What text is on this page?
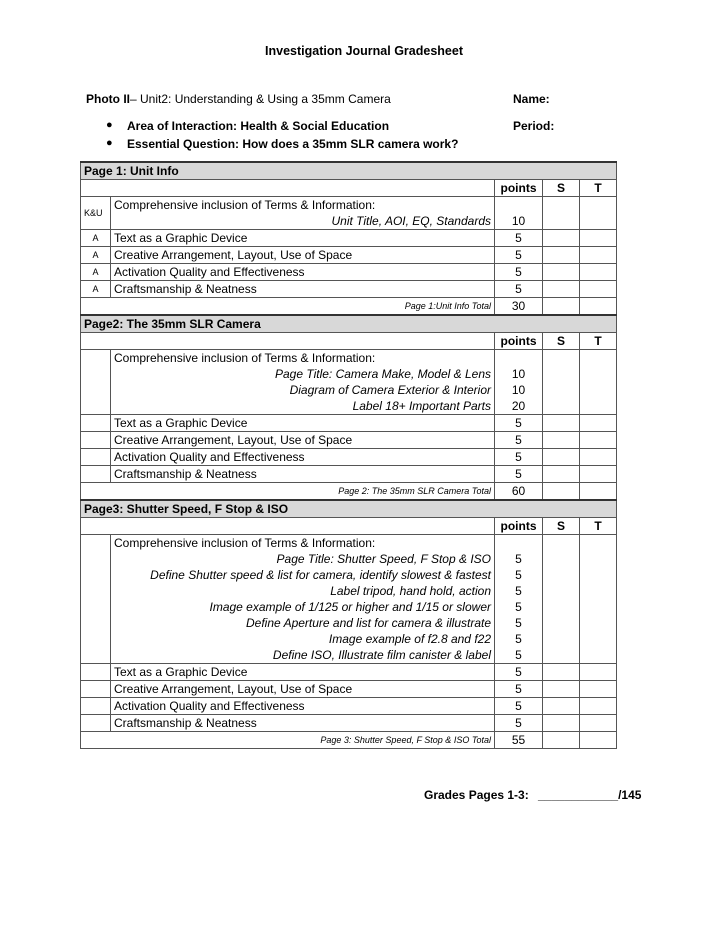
Investigation Journal Gradesheet
Photo II– Unit2: Understanding & Using a 35mm Camera	Name:
Period:
● Area of Interaction: Health & Social Education
● Essential Question: How does a 35mm SLR camera work?
Page 1: Unit Info				
		points	S	T
K&U	Comprehensive inclusion of Terms & Information:			
	Unit Title, AOI, EQ, Standards	10		
A	Text as a Graphic Device	5		
A	Creative Arrangement, Layout, Use of Space	5		
A	Activation Quality and Effectiveness	5		
A	Craftsmanship & Neatness	5		
Page 1:Unit Info Total		30		
Page2: The 35mm SLR Camera				
		points	S	T
	Comprehensive inclusion of Terms & Information:			
	Page Title: Camera Make, Model & Lens	10		
	Diagram of Camera Exterior & Interior	10		
	Label 18+ Important Parts	20		
	Text as a Graphic Device	5		
	Creative Arrangement, Layout, Use of Space	5		
	Activation Quality and Effectiveness	5		
	Craftsmanship & Neatness	5		
Page 2: The 35mm SLR Camera Total		60		
Page3: Shutter Speed, F Stop & ISO				
		points	S	T
	Comprehensive inclusion of Terms & Information:			
	Page Title: Shutter Speed, F Stop & ISO	5		
	Define Shutter speed & list for camera, identify slowest & fastest	5		
	Label tripod, hand hold, action	5		
	Image example of 1/125 or higher and 1/15 or slower	5		
	Define Aperture and list for camera & illustrate	5		
	Image example of f2.8 and f22	5		
	Define ISO, Illustrate film canister & label	5		
	Text as a Graphic Device	5		
	Creative Arrangement, Layout, Use of Space	5		
	Activation Quality and Effectiveness	5		
	Craftsmanship & Neatness	5		
Page 3: Shutter Speed, F Stop & ISO Total		55		
Grades Pages 1-3: ____________/145
